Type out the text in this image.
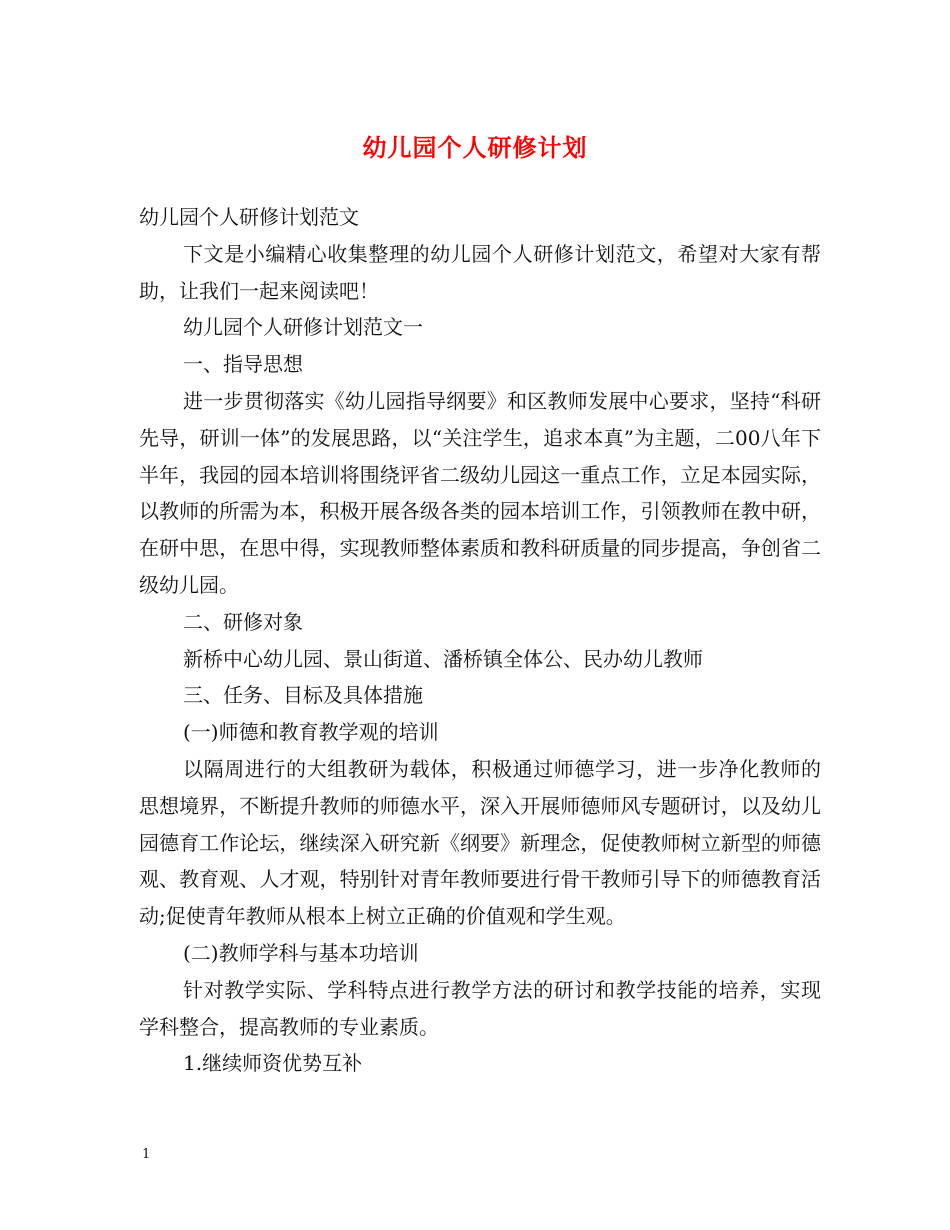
幼儿园个人研修计划

幼儿园个人研修计划范文

下文是小编精心收集整理的幼儿园个人研修计划范文，希望对大家有帮助，让我们一起来阅读吧！

幼儿园个人研修计划范文一

一、指导思想

进一步贯彻落实《幼儿园指导纲要》和区教师发展中心要求，坚持“科研先导，研训一体”的发展思路，以“关注学生，追求本真”为主题，二00八年下半年，我园的园本培训将围绕评省二级幼儿园这一重点工作，立足本园实际，以教师的所需为本，积极开展各级各类的园本培训工作，引领教师在教中研，在研中思，在思中得，实现教师整体素质和教科研质量的同步提高，争创省二级幼儿园。

二、研修对象

新桥中心幼儿园、景山街道、潘桥镇全体公、民办幼儿教师

三、任务、目标及具体措施

(一)师德和教育教学观的培训

以隔周进行的大组教研为载体，积极通过师德学习，进一步净化教师的思想境界，不断提升教师的师德水平，深入开展师德师风专题研讨，以及幼儿园德育工作论坛，继续深入研究新《纲要》新理念，促使教师树立新型的师德观、教育观、人才观，特别针对青年教师要进行骨干教师引导下的师德教育活动;促使青年教师从根本上树立正确的价值观和学生观。

(二)教师学科与基本功培训

针对教学实际、学科特点进行教学方法的研讨和教学技能的培养，实现学科整合，提高教师的专业素质。

1.继续师资优势互补

1
